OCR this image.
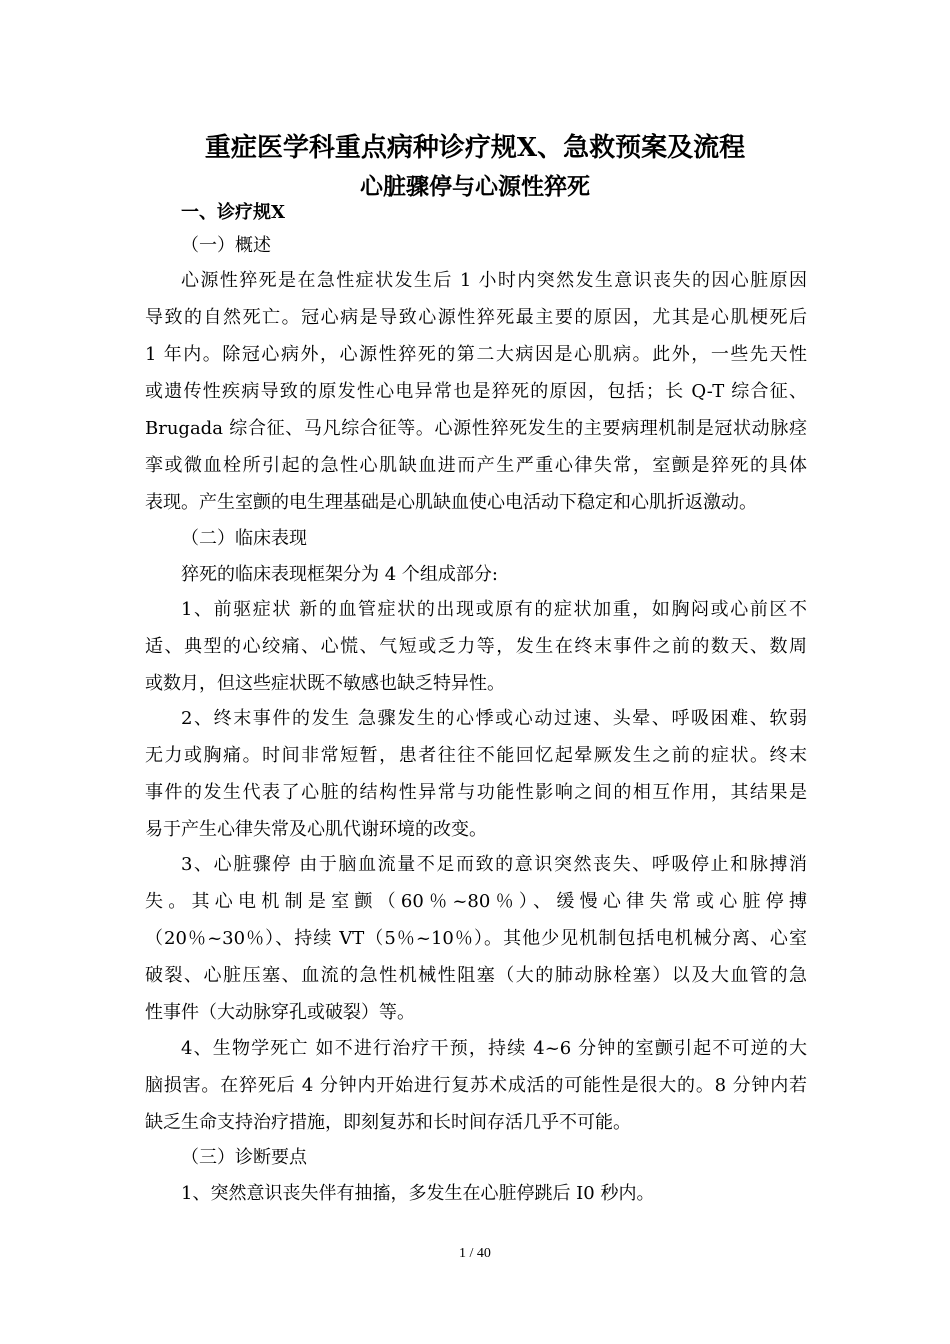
重症医学科重点病种诊疗规X、急救预案及流程
心脏骤停与心源性猝死
一、诊疗规X
（一）概述
心源性猝死是在急性症状发生后 1 小时内突然发生意识丧失的因心脏原因
导致的自然死亡。冠心病是导致心源性猝死最主要的原因，尤其是心肌梗死后
1 年内。除冠心病外，心源性猝死的第二大病因是心肌病。此外，一些先天性
或遗传性疾病导致的原发性心电异常也是猝死的原因，包括；长 Q-T 综合征、
Brugada 综合征、马凡综合征等。心源性猝死发生的主要病理机制是冠状动脉痉
挛或微血栓所引起的急性心肌缺血进而产生严重心律失常，室颤是猝死的具体
表现。产生室颤的电生理基础是心肌缺血使心电活动下稳定和心肌折返激动。
（二）临床表现
猝死的临床表现框架分为 4 个组成部分:
1、前驱症状 新的血管症状的出现或原有的症状加重，如胸闷或心前区不
适、典型的心绞痛、心慌、气短或乏力等，发生在终末事件之前的数天、数周
或数月，但这些症状既不敏感也缺乏特异性。
2、终末事件的发生 急骤发生的心悸或心动过速、头晕、呼吸困难、软弱
无力或胸痛。时间非常短暂，患者往往不能回忆起晕厥发生之前的症状。终末
事件的发生代表了心脏的结构性异常与功能性影响之间的相互作用，其结果是
易于产生心律失常及心肌代谢环境的改变。
3、心脏骤停 由于脑血流量不足而致的意识突然丧失、呼吸停止和脉搏消
失。其心电机制是室颤（60％~80％）、缓慢心律失常或心脏停搏
（20％~30％）、持续 VT（5％~10％）。其他少见机制包括电机械分离、心室
破裂、心脏压塞、血流的急性机械性阻塞（大的肺动脉栓塞）以及大血管的急
性事件（大动脉穿孔或破裂）等。
4、生物学死亡 如不进行治疗干预，持续 4~6 分钟的室颤引起不可逆的大
脑损害。在猝死后 4 分钟内开始进行复苏术成活的可能性是很大的。8 分钟内若
缺乏生命支持治疗措施，即刻复苏和长时间存活几乎不可能。
（三）诊断要点
1、突然意识丧失伴有抽搐，多发生在心脏停跳后 I0 秒内。
1 / 40
